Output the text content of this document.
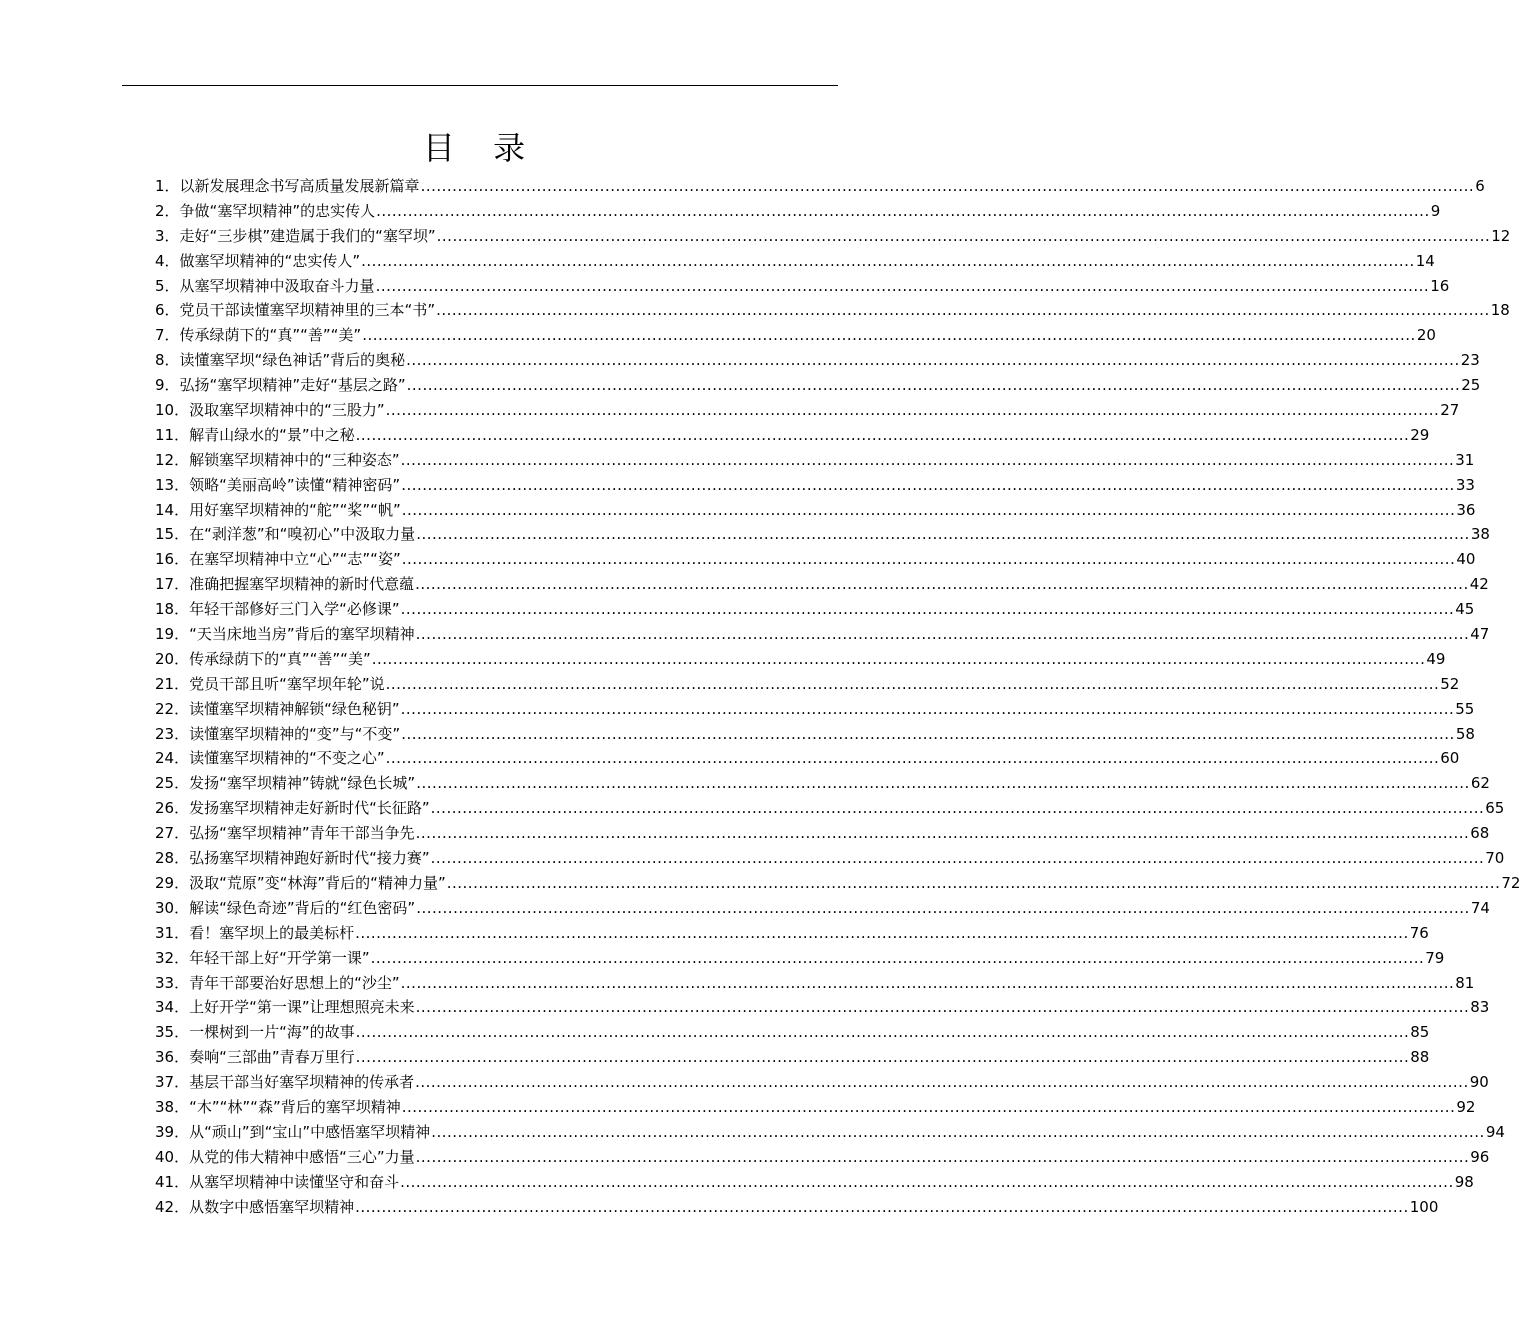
目 录
1． 以新发展理念书写高质量发展新篇章 ........................................................................................................................................................................................................ 6
2． 争做“塞罕坝精神”的忠实传人 ........................................................................................................................................................................................................ 9
3． 走好“三步棋”建造属于我们的“塞罕坝” ........................................................................................................................................................................................................ 12
4． 做塞罕坝精神的“忠实传人” ........................................................................................................................................................................................................ 14
5． 从塞罕坝精神中汲取奋斗力量 ........................................................................................................................................................................................................ 16
6． 党员干部读懂塞罕坝精神里的三本“书” ........................................................................................................................................................................................................ 18
7． 传承绿荫下的“真”“善”“美” ........................................................................................................................................................................................................ 20
8． 读懂塞罕坝“绿色神话”背后的奥秘 ........................................................................................................................................................................................................ 23
9． 弘扬“塞罕坝精神”走好“基层之路” ........................................................................................................................................................................................................ 25
10． 汲取塞罕坝精神中的“三股力” ........................................................................................................................................................................................................ 27
11． 解青山绿水的“景”中之秘 ........................................................................................................................................................................................................ 29
12． 解锁塞罕坝精神中的“三种姿态” ........................................................................................................................................................................................................ 31
13． 领略“美丽高岭”读懂“精神密码” ........................................................................................................................................................................................................ 33
14． 用好塞罕坝精神的“舵”“桨”“帆” ........................................................................................................................................................................................................ 36
15． 在“剥洋葱”和“嗅初心”中汲取力量 ........................................................................................................................................................................................................ 38
16． 在塞罕坝精神中立“心”“志”“姿” ........................................................................................................................................................................................................ 40
17． 准确把握塞罕坝精神的新时代意蕴 ........................................................................................................................................................................................................ 42
18． 年轻干部修好三门入学“必修课” ........................................................................................................................................................................................................ 45
19． “天当床地当房”背后的塞罕坝精神 ........................................................................................................................................................................................................ 47
20． 传承绿荫下的“真”“善”“美” ........................................................................................................................................................................................................ 49
21． 党员干部且听“塞罕坝年轮”说 ........................................................................................................................................................................................................ 52
22． 读懂塞罕坝精神解锁“绿色秘钥” ........................................................................................................................................................................................................ 55
23． 读懂塞罕坝精神的“变”与“不变” ........................................................................................................................................................................................................ 58
24． 读懂塞罕坝精神的“不变之心” ........................................................................................................................................................................................................ 60
25． 发扬“塞罕坝精神”铸就“绿色长城” ........................................................................................................................................................................................................ 62
26． 发扬塞罕坝精神走好新时代“长征路” ........................................................................................................................................................................................................ 65
27． 弘扬“塞罕坝精神”青年干部当争先 ........................................................................................................................................................................................................ 68
28． 弘扬塞罕坝精神跑好新时代“接力赛” ........................................................................................................................................................................................................ 70
29． 汲取“荒原”变“林海”背后的“精神力量” ........................................................................................................................................................................................................ 72
30． 解读“绿色奇迹”背后的“红色密码” ........................................................................................................................................................................................................ 74
31． 看！塞罕坝上的最美标杆 ........................................................................................................................................................................................................ 76
32． 年轻干部上好“开学第一课” ........................................................................................................................................................................................................ 79
33． 青年干部要治好思想上的“沙尘” ........................................................................................................................................................................................................ 81
34． 上好开学“第一课”让理想照亮未来 ........................................................................................................................................................................................................ 83
35． 一棵树到一片“海”的故事 ........................................................................................................................................................................................................ 85
36． 奏响“三部曲”青春万里行 ........................................................................................................................................................................................................ 88
37． 基层干部当好塞罕坝精神的传承者 ........................................................................................................................................................................................................ 90
38． “木”“林”“森”背后的塞罕坝精神 ........................................................................................................................................................................................................ 92
39． 从“顽山”到“宝山”中感悟塞罕坝精神 ........................................................................................................................................................................................................ 94
40． 从党的伟大精神中感悟“三心”力量 ........................................................................................................................................................................................................ 96
41． 从塞罕坝精神中读懂坚守和奋斗 ........................................................................................................................................................................................................ 98
42． 从数字中感悟塞罕坝精神 ........................................................................................................................................................................................................ 100
